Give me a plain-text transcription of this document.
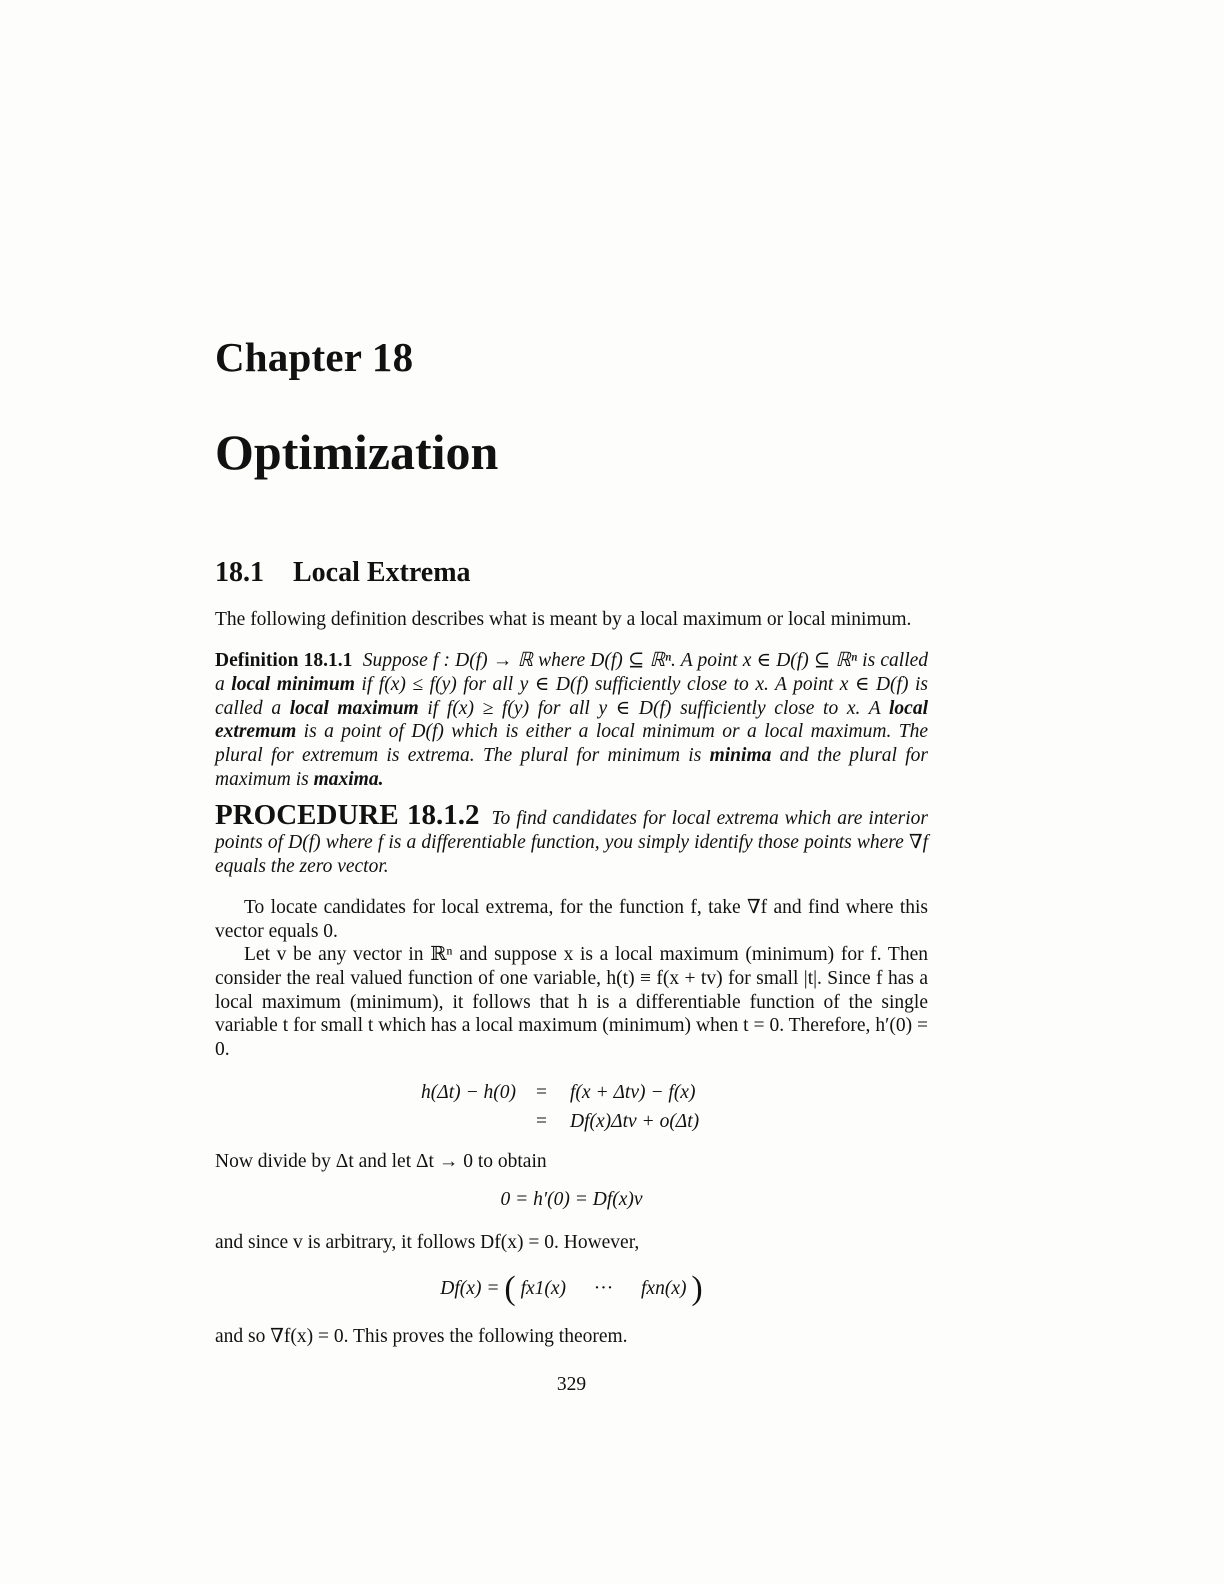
Chapter 18
Optimization
18.1 Local Extrema
The following definition describes what is meant by a local maximum or local minimum.
Definition 18.1.1 Suppose f : D(f) → ℝ where D(f) ⊆ ℝⁿ. A point x ∈ D(f) ⊆ ℝⁿ is called a local minimum if f(x) ≤ f(y) for all y ∈ D(f) sufficiently close to x. A point x ∈ D(f) is called a local maximum if f(x) ≥ f(y) for all y ∈ D(f) sufficiently close to x. A local extremum is a point of D(f) which is either a local minimum or a local maximum. The plural for extremum is extrema. The plural for minimum is minima and the plural for maximum is maxima.
PROCEDURE 18.1.2 To find candidates for local extrema which are interior points of D(f) where f is a differentiable function, you simply identify those points where ∇f equals the zero vector.
To locate candidates for local extrema, for the function f, take ∇f and find where this vector equals 0.
Let v be any vector in ℝⁿ and suppose x is a local maximum (minimum) for f. Then consider the real valued function of one variable, h(t) ≡ f(x + tv) for small |t|. Since f has a local maximum (minimum), it follows that h is a differentiable function of the single variable t for small t which has a local maximum (minimum) when t = 0. Therefore, h′(0) = 0.
h(Δt) − h(0) = f(x + Δtv) − f(x)
= Df(x)Δtv + o(Δt)
Now divide by Δt and let Δt → 0 to obtain
0 = h′(0) = Df(x)v
and since v is arbitrary, it follows Df(x) = 0. However,
Df(x) = ( fx1(x) ··· fxn(x) )
and so ∇f(x) = 0. This proves the following theorem.
329
